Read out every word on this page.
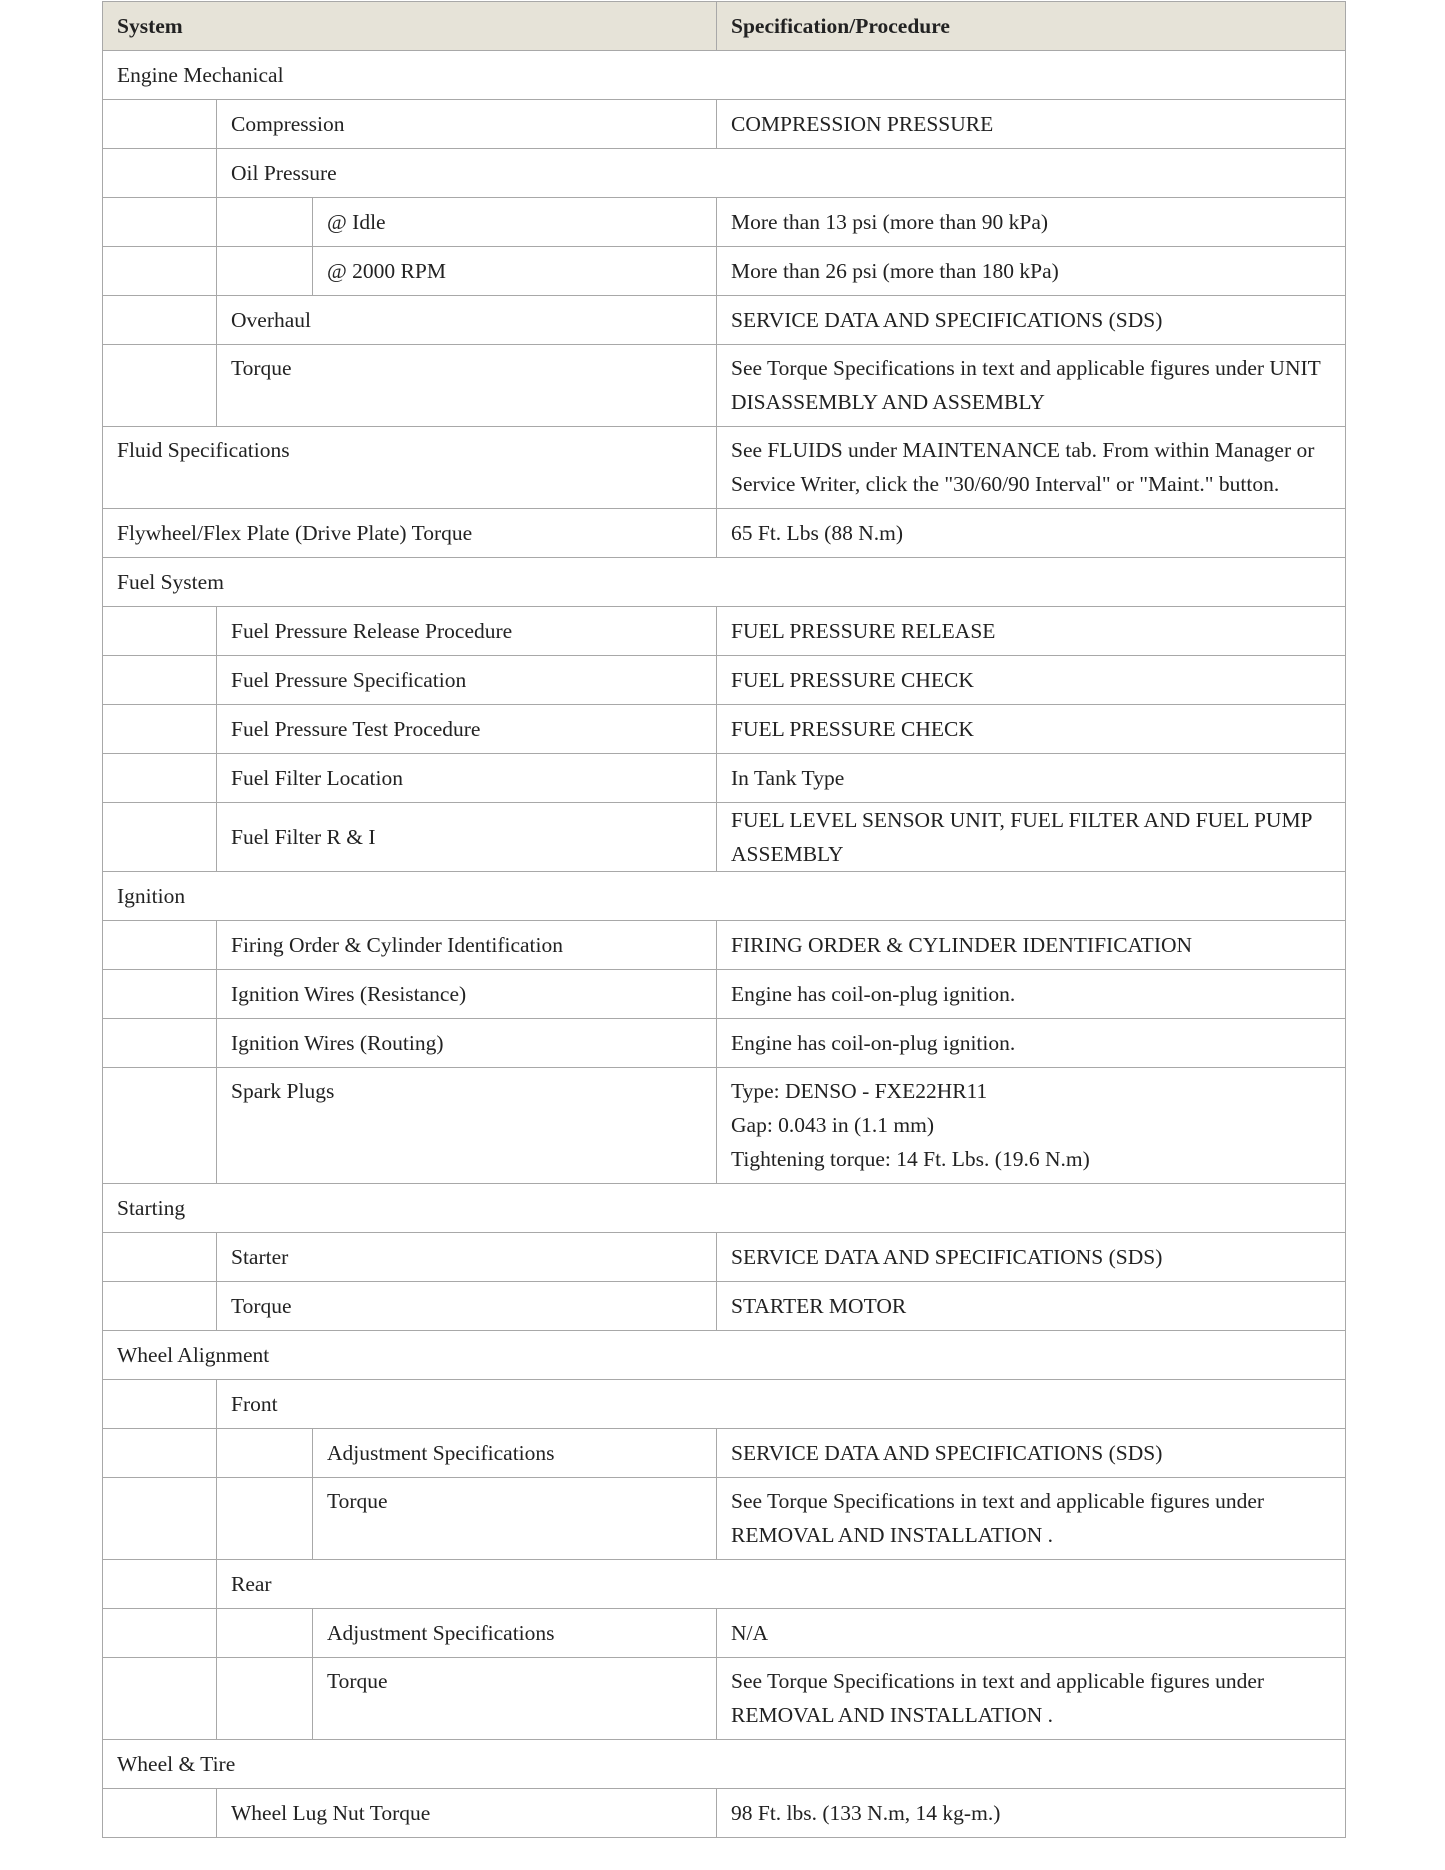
System			Specification/Procedure
Engine Mechanical			
	Compression		COMPRESSION PRESSURE
	Oil Pressure		
		@ Idle	More than 13 psi (more than 90 kPa)
		@ 2000 RPM	More than 26 psi (more than 180 kPa)
	Overhaul		SERVICE DATA AND SPECIFICATIONS (SDS)
	Torque		See Torque Specifications in text and applicable figures under UNIT DISASSEMBLY AND ASSEMBLY
Fluid Specifications			See FLUIDS under MAINTENANCE tab. From within Manager or Service Writer, click the "30/60/90 Interval" or "Maint." button.
Flywheel/Flex Plate (Drive Plate) Torque			65 Ft. Lbs (88 N.m)
Fuel System			
	Fuel Pressure Release Procedure		FUEL PRESSURE RELEASE
	Fuel Pressure Specification		FUEL PRESSURE CHECK
	Fuel Pressure Test Procedure		FUEL PRESSURE CHECK
	Fuel Filter Location		In Tank Type
	Fuel Filter R & I		FUEL LEVEL SENSOR UNIT, FUEL FILTER AND FUEL PUMP ASSEMBLY
Ignition			
	Firing Order & Cylinder Identification		FIRING ORDER & CYLINDER IDENTIFICATION
	Ignition Wires (Resistance)		Engine has coil-on-plug ignition.
	Ignition Wires (Routing)		Engine has coil-on-plug ignition.
	Spark Plugs		Type: DENSO - FXE22HR11
Gap: 0.043 in (1.1 mm)
Tightening torque: 14 Ft. Lbs. (19.6 N.m)

Starting			
	Starter		SERVICE DATA AND SPECIFICATIONS (SDS)
	Torque		STARTER MOTOR
Wheel Alignment			
	Front		
		Adjustment Specifications	SERVICE DATA AND SPECIFICATIONS (SDS)
		Torque	See Torque Specifications in text and applicable figures under REMOVAL AND INSTALLATION .
	Rear		
		Adjustment Specifications	N/A
		Torque	See Torque Specifications in text and applicable figures under REMOVAL AND INSTALLATION .
Wheel & Tire			
	Wheel Lug Nut Torque		98 Ft. lbs. (133 N.m, 14 kg-m.)
